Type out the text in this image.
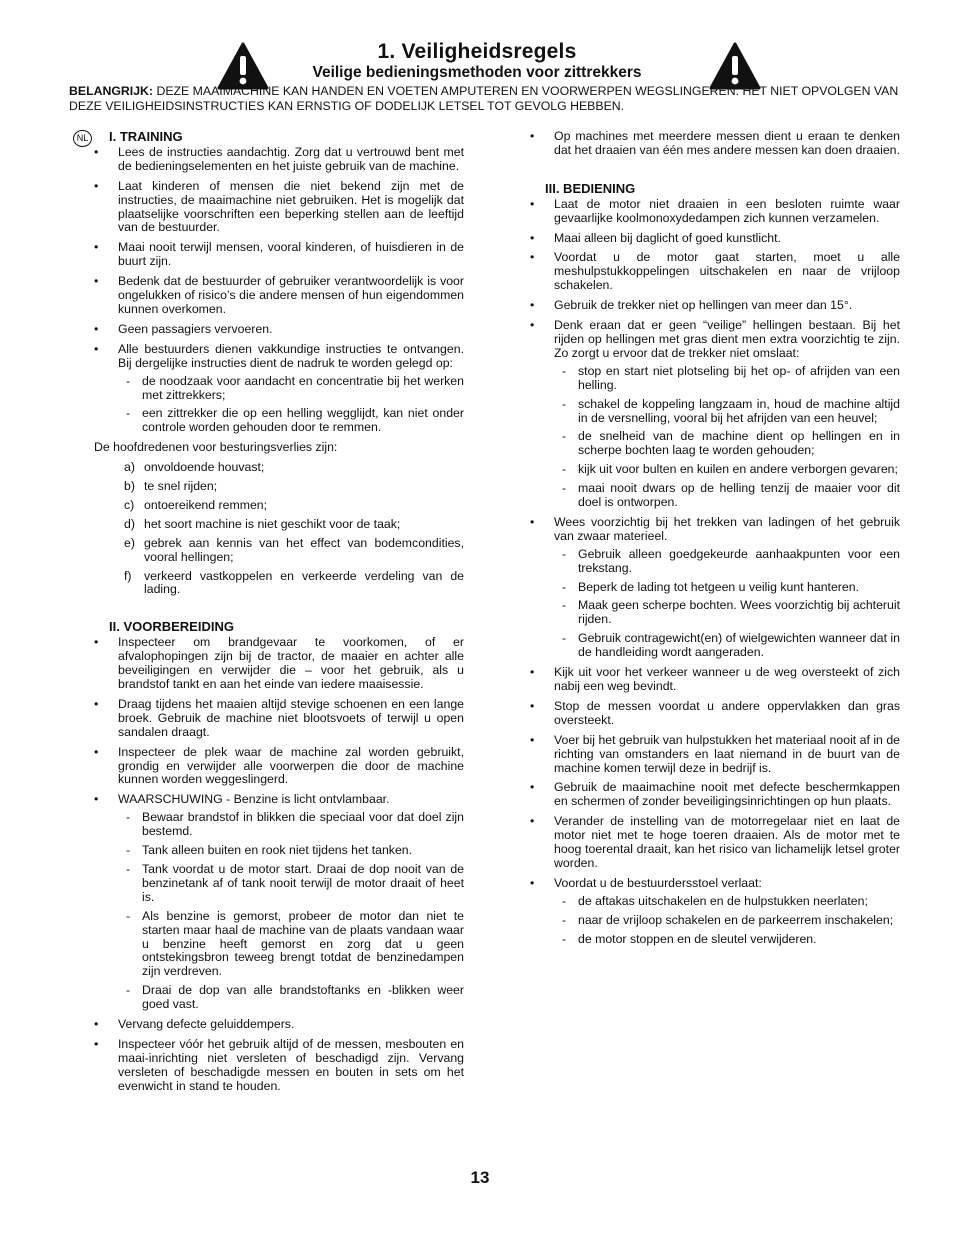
1. Veiligheidsregels
Veilige bedieningsmethoden voor zittrekkers
BELANGRIJK: DEZE MAAIMACHINE KAN HANDEN EN VOETEN AMPUTEREN EN VOORWERPEN WEGSLINGEREN. HET NIET OPVOLGEN VAN DEZE VEILIGHEIDSINSTRUCTIES KAN ERNSTIG OF DODELIJK LETSEL TOT GEVOLG HEBBEN.
NL I. TRAINING
• Lees de instructies aandachtig. Zorg dat u vertrouwd bent met de bedieningselementen en het juiste gebruik van de machine.
• Laat kinderen of mensen die niet bekend zijn met de instructies, de maaimachine niet gebruiken. Het is mogelijk dat plaatselijke voorschriften een beperking stellen aan de leeftijd van de bestuurder.
• Maai nooit terwijl mensen, vooral kinderen, of huisdieren in de buurt zijn.
• Bedenk dat de bestuurder of gebruiker verantwoordelijk is voor ongelukken of risico’s die andere mensen of hun eigendommen kunnen overkomen.
• Geen passagiers vervoeren.
• Alle bestuurders dienen vakkundige instructies te ontvangen. Bij dergelijke instructies dient de nadruk te worden gelegd op:
- de noodzaak voor aandacht en concentratie bij het werken met zittrekkers;
- een zittrekker die op een helling wegglijdt, kan niet onder controle worden gehouden door te remmen.
De hoofdredenen voor besturingsverlies zijn:
a) onvoldoende houvast;
b) te snel rijden;
c) ontoereikend remmen;
d) het soort machine is niet geschikt voor de taak;
e) gebrek aan kennis van het effect van bodemcondities, vooral hellingen;
f) verkeerd vastkoppelen en verkeerde verdeling van de lading.
II. VOORBEREIDING
• Inspecteer om brandgevaar te voorkomen, of er afvalophopingen zijn bij de tractor, de maaier en achter alle beveiligingen en verwijder die – voor het gebruik, als u brandstof tankt en aan het einde van iedere maaisessie.
• Draag tijdens het maaien altijd stevige schoenen en een lange broek. Gebruik de machine niet blootsvoets of terwijl u open sandalen draagt.
• Inspecteer de plek waar de machine zal worden gebruikt, grondig en verwijder alle voorwerpen die door de machine kunnen worden weggeslingerd.
• WAARSCHUWING - Benzine is licht ontvlambaar.
- Bewaar brandstof in blikken die speciaal voor dat doel zijn bestemd.
- Tank alleen buiten en rook niet tijdens het tanken.
- Tank voordat u de motor start. Draai de dop nooit van de benzinetank af of tank nooit terwijl de motor draait of heet is.
- Als benzine is gemorst, probeer de motor dan niet te starten maar haal de machine van de plaats vandaan waar u benzine heeft gemorst en zorg dat u geen ontstekingsbron teweeg brengt totdat de benzinedampen zijn verdreven.
- Draai de dop van alle brandstoftanks en -blikken weer goed vast.
• Vervang defecte geluiddempers.
• Inspecteer vóór het gebruik altijd of de messen, mesbouten en maai-inrichting niet versleten of beschadigd zijn. Vervang versleten of beschadigde messen en bouten in sets om het evenwicht in stand te houden.
• Op machines met meerdere messen dient u eraan te denken dat het draaien van één mes andere messen kan doen draaien.
III. BEDIENING
• Laat de motor niet draaien in een besloten ruimte waar gevaarlijke koolmonoxydedampen zich kunnen verzamelen.
• Maai alleen bij daglicht of goed kunstlicht.
• Voordat u de motor gaat starten, moet u alle meshulpstukkoppelingen uitschakelen en naar de vrijloop schakelen.
• Gebruik de trekker niet op hellingen van meer dan 15°.
• Denk eraan dat er geen “veilige” hellingen bestaan. Bij het rijden op hellingen met gras dient men extra voorzichtig te zijn. Zo zorgt u ervoor dat de trekker niet omslaat:
- stop en start niet plotseling bij het op- of afrijden van een helling.
- schakel de koppeling langzaam in, houd de machine altijd in de versnelling, vooral bij het afrijden van een heuvel;
- de snelheid van de machine dient op hellingen en in scherpe bochten laag te worden gehouden;
- kijk uit voor bulten en kuilen en andere verborgen gevaren;
- maai nooit dwars op de helling tenzij de maaier voor dit doel is ontworpen.
• Wees voorzichtig bij het trekken van ladingen of het gebruik van zwaar materieel.
- Gebruik alleen goedgekeurde aanhaakpunten voor een trekstang.
- Beperk de lading tot hetgeen u veilig kunt hanteren.
- Maak geen scherpe bochten. Wees voorzichtig bij achteruit rijden.
- Gebruik contragewicht(en) of wielgewichten wanneer dat in de handleiding wordt aangeraden.
• Kijk uit voor het verkeer wanneer u de weg oversteekt of zich nabij een weg bevindt.
• Stop de messen voordat u andere oppervlakken dan gras oversteekt.
• Voer bij het gebruik van hulpstukken het materiaal nooit af in de richting van omstanders en laat niemand in de buurt van de machine komen terwijl deze in bedrijf is.
• Gebruik de maaimachine nooit met defecte beschermkappen en schermen of zonder beveiligingsinrichtingen op hun plaats.
• Verander de instelling van de motorregelaar niet en laat de motor niet met te hoge toeren draaien. Als de motor met te hoog toerental draait, kan het risico van lichamelijk letsel groter worden.
• Voordat u de bestuurdersstoel verlaat:
- de aftakas uitschakelen en de hulpstukken neerlaten;
- naar de vrijloop schakelen en de parkeerrem inschakelen;
- de motor stoppen en de sleutel verwijderen.
13
